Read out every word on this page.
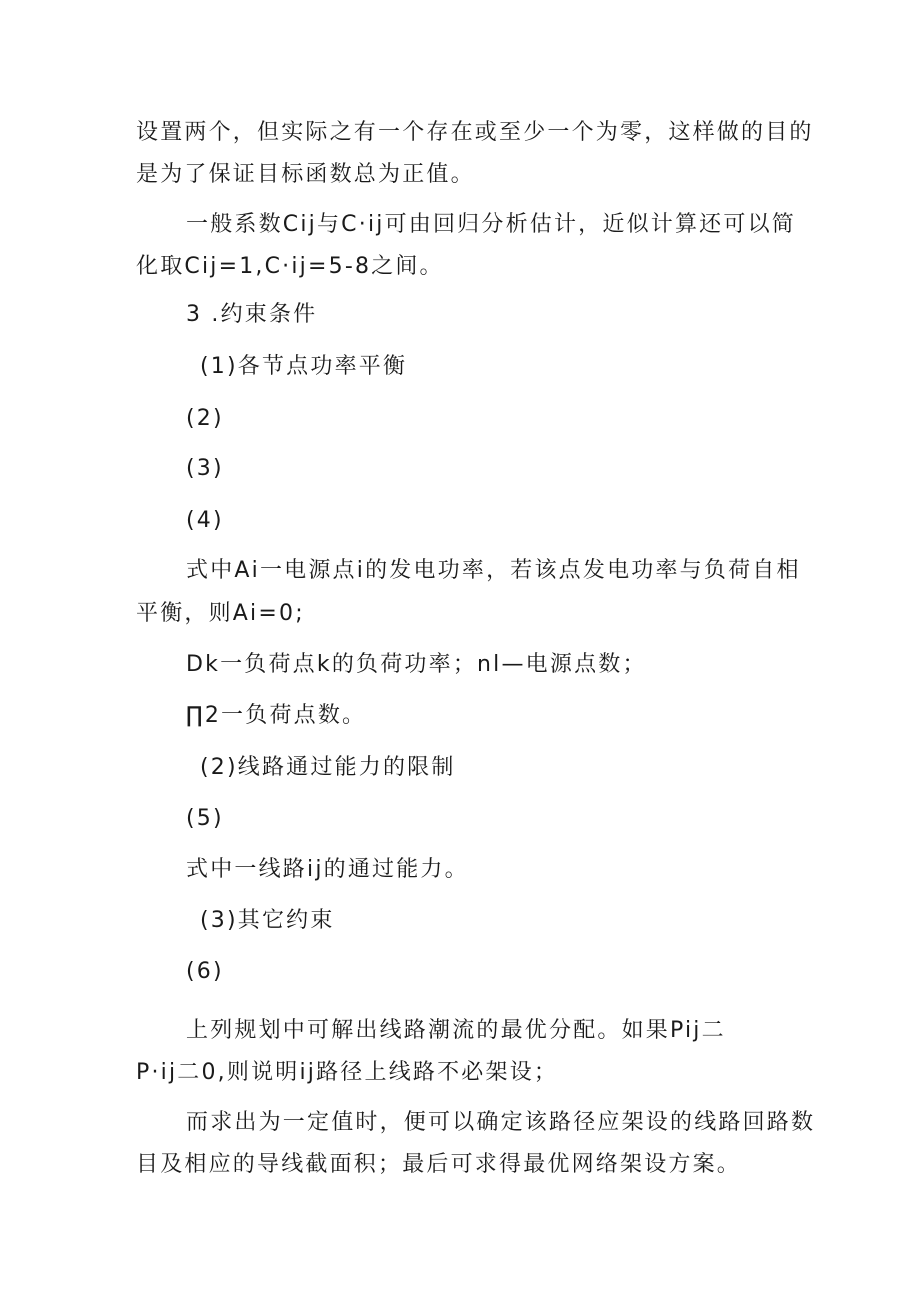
设置两个，但实际之有一个存在或至少一个为零，这样做的目的
是为了保证目标函数总为正值。
一般系数Cij与C·ij可由回归分析估计，近似计算还可以简
化取Cij=1,C·ij=5-8之间。
3 .约束条件
(1)各节点功率平衡
(2)
(3)
(4)
式中Ai一电源点i的发电功率，若该点发电功率与负荷自相
平衡，则Ai=0;
Dk一负荷点k的负荷功率；nl—电源点数；
∏2一负荷点数。
(2)线路通过能力的限制
(5)
式中一线路ij的通过能力。
(3)其它约束
(6)
上列规划中可解出线路潮流的最优分配。如果Pij二
P·ij二0,则说明ij路径上线路不必架设；
而求出为一定值时，便可以确定该路径应架设的线路回路数
目及相应的导线截面积；最后可求得最优网络架设方案。
